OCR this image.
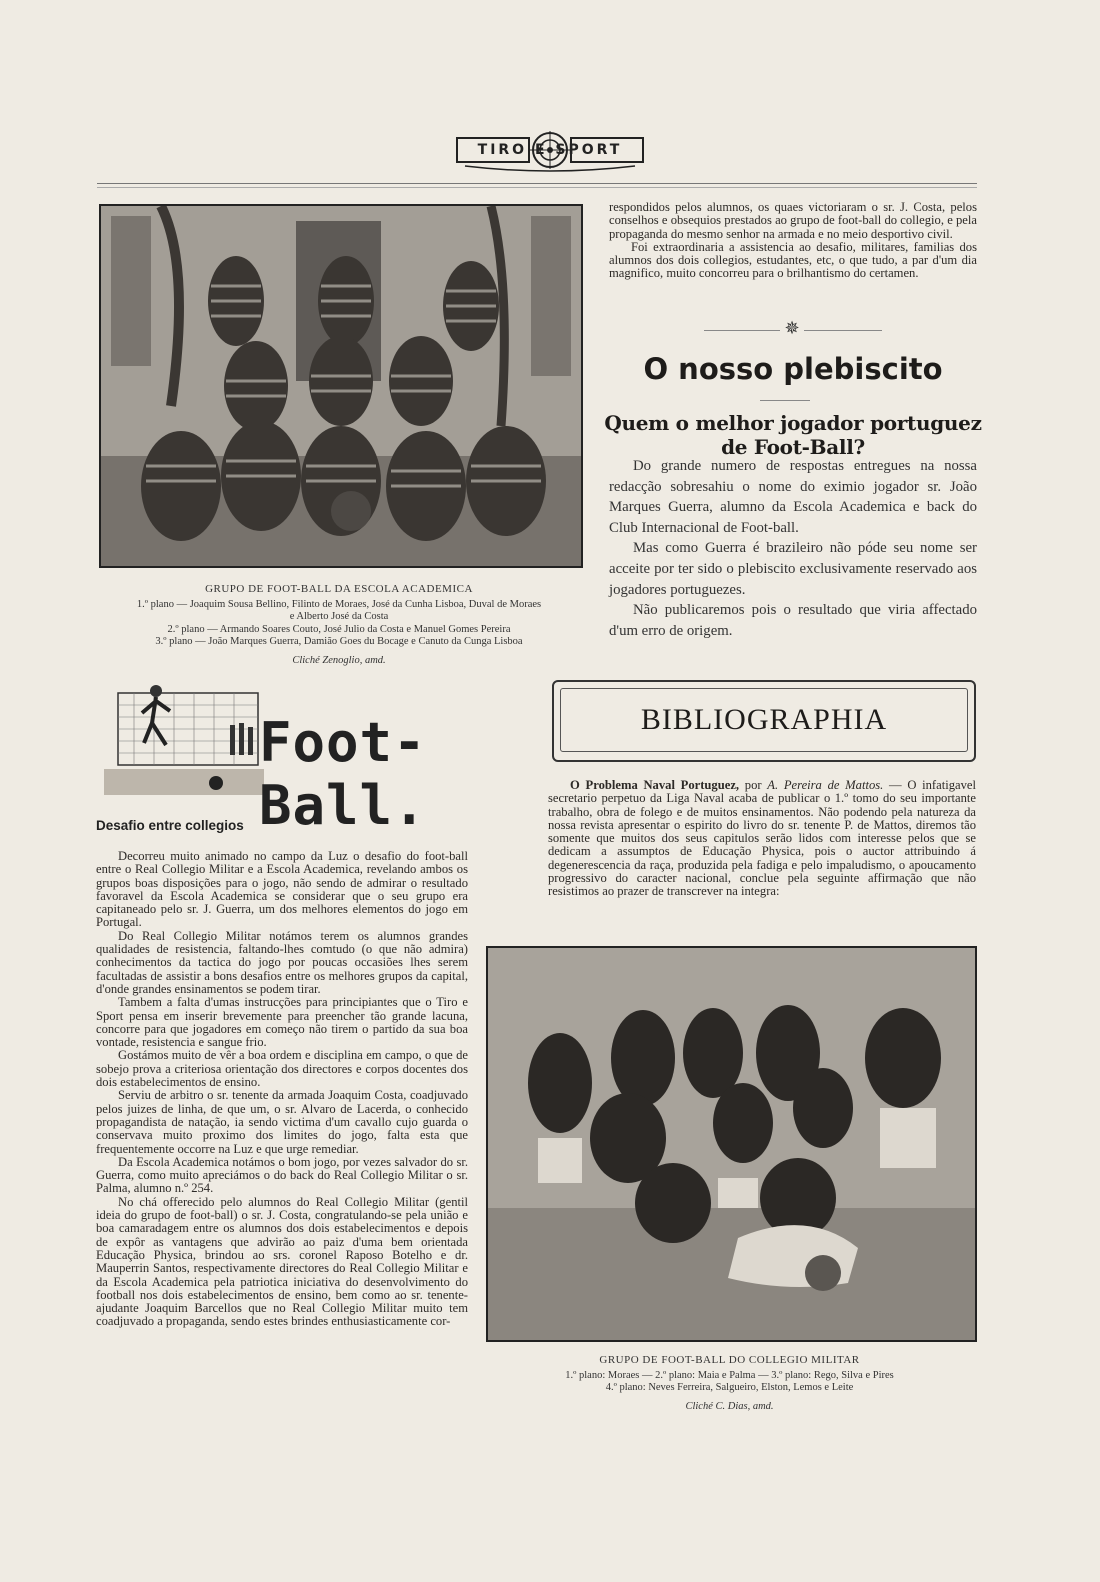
TIRO E SPORT
GRUPO DE FOOT-BALL DA ESCOLA ACADEMICA
1.º plano — Joaquim Sousa Bellino, Filinto de Moraes, José da Cunha Lisboa, Duval de Moraes
e Alberto José da Costa
2.º plano — Armando Soares Couto, José Julio da Costa e Manuel Gomes Pereira
3.º plano — João Marques Guerra, Damião Goes du Bocage e Canuto da Cunga Lisboa
Cliché Zenoglio, amd.

respondidos pelos alumnos, os quaes victoriaram o sr. J. Costa, pelos conselhos e obsequios prestados ao grupo de foot-ball do collegio, e pela propaganda do mesmo senhor na armada e no meio desportivo civil.

Foi extraordinaria a assistencia ao desafio, militares, familias dos alumnos dos dois collegios, estudantes, etc, o que tudo, a par d'um dia magnifico, muito concorreu para o brilhantismo do certamen.

✵
O nosso plebiscito
Quem o melhor jogador portuguez de Foot-Ball?

Do grande numero de respostas entregues na nossa redacção sobresahiu o nome do eximio jogador sr. João Marques Guerra, alumno da Escola Academica e back do Club Internacional de Foot-ball.

Mas como Guerra é brazileiro não póde seu nome ser acceite por ter sido o plebiscito exclusivamente reservado aos jogadores portuguezes.

Não publicaremos pois o resultado que viria affectado d'um erro de origem.

Foot-Ball.
Desafio entre collegios

Decorreu muito animado no campo da Luz o desafio do foot-ball entre o Real Collegio Militar e a Escola Academica, revelando ambos os grupos boas disposições para o jogo, não sendo de admirar o resultado favoravel da Escola Academica se considerar que o seu grupo era capitaneado pelo sr. J. Guerra, um dos melhores elementos do jogo em Portugal.

Do Real Collegio Militar notámos terem os alumnos grandes qualidades de resistencia, faltando-lhes comtudo (o que não admira) conhecimentos da tactica do jogo por poucas occasiões lhes serem facultadas de assistir a bons desafios entre os melhores grupos da capital, d'onde grandes ensinamentos se podem tirar.

Tambem a falta d'umas instrucções para principiantes que o Tiro e Sport pensa em inserir brevemente para preencher tão grande lacuna, concorre para que jogadores em começo não tirem o partido da sua boa vontade, resistencia e sangue frio.

Gostámos muito de vêr a boa ordem e disciplina em campo, o que de sobejo prova a criteriosa orientação dos directores e corpos docentes dos dois estabelecimentos de ensino.

Serviu de arbitro o sr. tenente da armada Joaquim Costa, coadjuvado pelos juizes de linha, de que um, o sr. Alvaro de Lacerda, o conhecido propagandista de natação, ia sendo victima d'um cavallo cujo guarda o conservava muito proximo dos limites do jogo, falta esta que frequentemente occorre na Luz e que urge remediar.

Da Escola Academica notámos o bom jogo, por vezes salvador do sr. Guerra, como muito apreciámos o do back do Real Collegio Militar o sr. Palma, alumno n.º 254.

No chá offerecido pelo alumnos do Real Collegio Militar (gentil ideia do grupo de foot-ball) o sr. J. Costa, congratulando-se pela união e boa camaradagem entre os alumnos dos dois estabelecimentos e depois de expôr as vantagens que advirão ao paiz d'uma bem orientada Educação Physica, brindou ao srs. coronel Raposo Botelho e dr. Mauperrin Santos, respectivamente directores do Real Collegio Militar e da Escola Academica pela patriotica iniciativa do desenvolvimento do football nos dois estabelecimentos de ensino, bem como ao sr. tenente-ajudante Joaquim Barcellos que no Real Collegio Militar muito tem coadjuvado a propaganda, sendo estes brindes enthusiasticamente cor-

BIBLIOGRAPHIA

O Problema Naval Portuguez, por A. Pereira de Mattos. — O infatigavel secretario perpetuo da Liga Naval acaba de publicar o 1.º tomo do seu importante trabalho, obra de folego e de muitos ensinamentos. Não podendo pela natureza da nossa revista apresentar o espirito do livro do sr. tenente P. de Mattos, diremos tão somente que muitos dos seus capitulos serão lidos com interesse pelos que se dedicam a assumptos de Educação Physica, pois o auctor attribuindo á degenerescencia da raça, produzida pela fadiga e pelo impaludismo, o apoucamento progressivo do caracter nacional, conclue pela seguinte affirmação que não resistimos ao prazer de transcrever na integra:

GRUPO DE FOOT-BALL DO COLLEGIO MILITAR
1.º plano: Moraes — 2.º plano: Maia e Palma — 3.º plano: Rego, Silva e Pires
4.º plano: Neves Ferreira, Salgueiro, Elston, Lemos e Leite
Cliché C. Dias, amd.
